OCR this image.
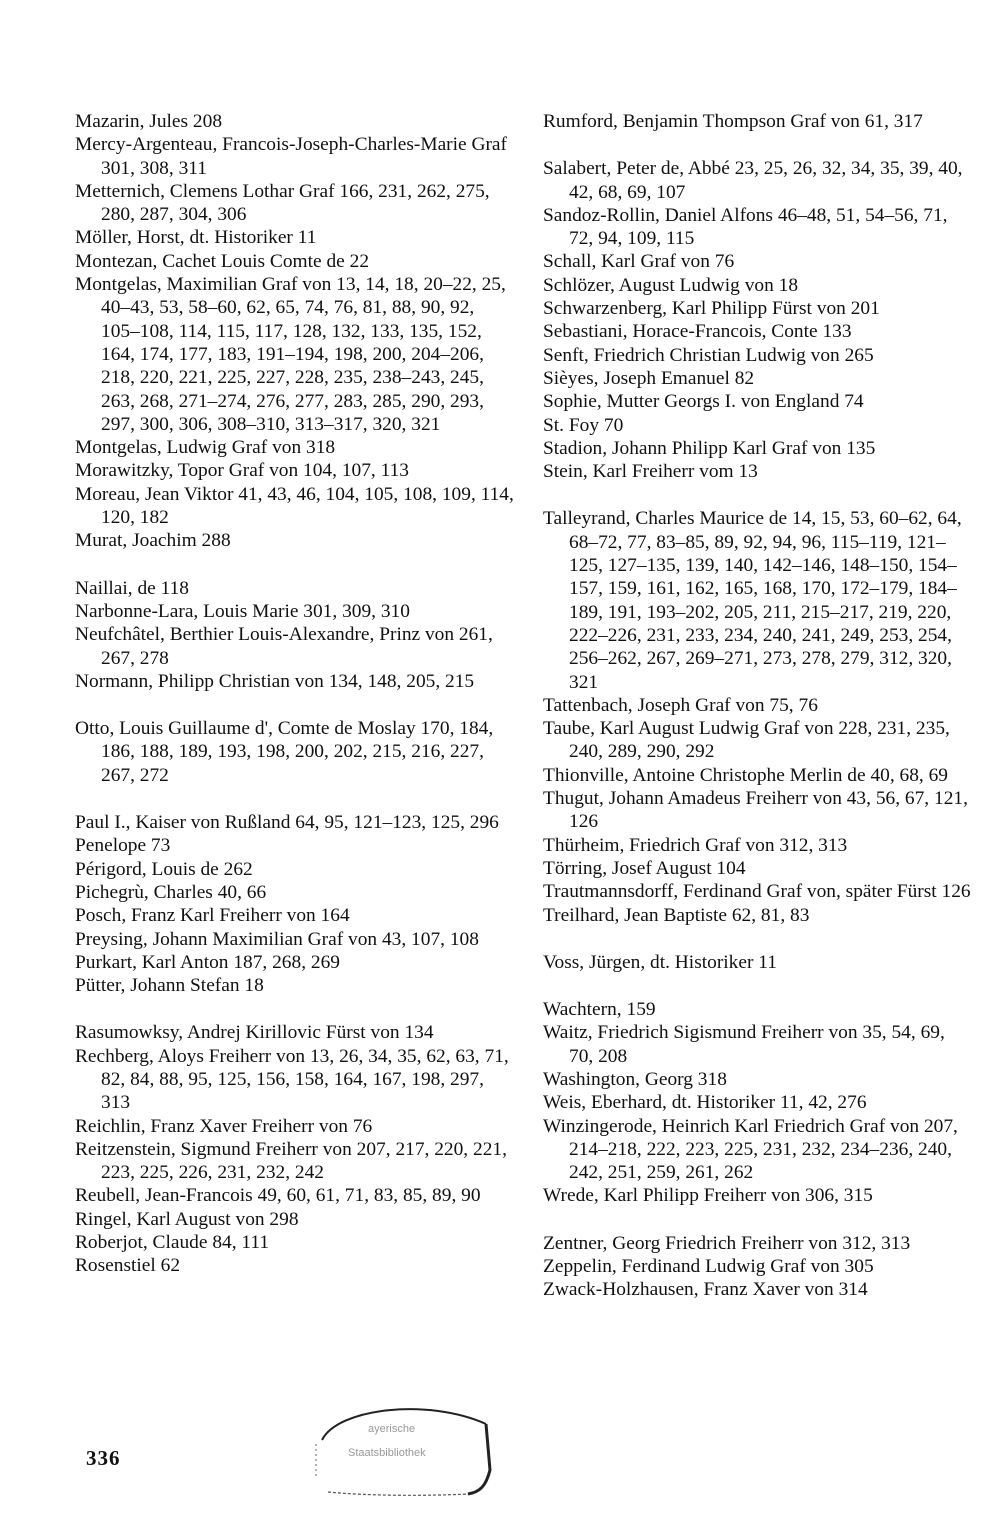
Mazarin, Jules 208
Mercy-Argenteau, Francois-Joseph-Charles-Marie Graf 301, 308, 311
Metternich, Clemens Lothar Graf 166, 231, 262, 275, 280, 287, 304, 306
Möller, Horst, dt. Historiker 11
Montezan, Cachet Louis Comte de 22
Montgelas, Maximilian Graf von 13, 14, 18, 20–22, 25, 40–43, 53, 58–60, 62, 65, 74, 76, 81, 88, 90, 92, 105–108, 114, 115, 117, 128, 132, 133, 135, 152, 164, 174, 177, 183, 191–194, 198, 200, 204–206, 218, 220, 221, 225, 227, 228, 235, 238–243, 245, 263, 268, 271–274, 276, 277, 283, 285, 290, 293, 297, 300, 306, 308–310, 313–317, 320, 321
Montgelas, Ludwig Graf von 318
Morawitzky, Topor Graf von 104, 107, 113
Moreau, Jean Viktor 41, 43, 46, 104, 105, 108, 109, 114, 120, 182
Murat, Joachim 288
Naillai, de 118
Narbonne-Lara, Louis Marie 301, 309, 310
Neufchâtel, Berthier Louis-Alexandre, Prinz von 261, 267, 278
Normann, Philipp Christian von 134, 148, 205, 215
Otto, Louis Guillaume d', Comte de Moslay 170, 184, 186, 188, 189, 193, 198, 200, 202, 215, 216, 227, 267, 272
Paul I., Kaiser von Rußland 64, 95, 121–123, 125, 296
Penelope 73
Périgord, Louis de 262
Pichegrù, Charles 40, 66
Posch, Franz Karl Freiherr von 164
Preysing, Johann Maximilian Graf von 43, 107, 108
Purkart, Karl Anton 187, 268, 269
Pütter, Johann Stefan 18
Rasumowksy, Andrej Kirillovic Fürst von 134
Rechberg, Aloys Freiherr von 13, 26, 34, 35, 62, 63, 71, 82, 84, 88, 95, 125, 156, 158, 164, 167, 198, 297, 313
Reichlin, Franz Xaver Freiherr von 76
Reitzenstein, Sigmund Freiherr von 207, 217, 220, 221, 223, 225, 226, 231, 232, 242
Reubell, Jean-Francois 49, 60, 61, 71, 83, 85, 89, 90
Ringel, Karl August von 298
Roberjot, Claude 84, 111
Rosenstiel 62
Rumford, Benjamin Thompson Graf von 61, 317
Salabert, Peter de, Abbé 23, 25, 26, 32, 34, 35, 39, 40, 42, 68, 69, 107
Sandoz-Rollin, Daniel Alfons 46–48, 51, 54–56, 71, 72, 94, 109, 115
Schall, Karl Graf von 76
Schlözer, August Ludwig von 18
Schwarzenberg, Karl Philipp Fürst von 201
Sebastiani, Horace-Francois, Conte 133
Senft, Friedrich Christian Ludwig von 265
Sièyes, Joseph Emanuel 82
Sophie, Mutter Georgs I. von England 74
St. Foy 70
Stadion, Johann Philipp Karl Graf von 135
Stein, Karl Freiherr vom 13
Talleyrand, Charles Maurice de 14, 15, 53, 60–62, 64, 68–72, 77, 83–85, 89, 92, 94, 96, 115–119, 121–125, 127–135, 139, 140, 142–146, 148–150, 154–157, 159, 161, 162, 165, 168, 170, 172–179, 184–189, 191, 193–202, 205, 211, 215–217, 219, 220, 222–226, 231, 233, 234, 240, 241, 249, 253, 254, 256–262, 267, 269–271, 273, 278, 279, 312, 320, 321
Tattenbach, Joseph Graf von 75, 76
Taube, Karl August Ludwig Graf von 228, 231, 235, 240, 289, 290, 292
Thionville, Antoine Christophe Merlin de 40, 68, 69
Thugut, Johann Amadeus Freiherr von 43, 56, 67, 121, 126
Thürheim, Friedrich Graf von 312, 313
Törring, Josef August 104
Trautmannsdorff, Ferdinand Graf von, später Fürst 126
Treilhard, Jean Baptiste 62, 81, 83
Voss, Jürgen, dt. Historiker 11
Wachtern, 159
Waitz, Friedrich Sigismund Freiherr von 35, 54, 69, 70, 208
Washington, Georg 318
Weis, Eberhard, dt. Historiker 11, 42, 276
Winzingerode, Heinrich Karl Friedrich Graf von 207, 214–218, 222, 223, 225, 231, 232, 234–236, 240, 242, 251, 259, 261, 262
Wrede, Karl Philipp Freiherr von 306, 315
Zentner, Georg Friedrich Freiherr von 312, 313
Zeppelin, Ferdinand Ludwig Graf von 305
Zwack-Holzhausen, Franz Xaver von 314
ayerische
Staatsbibliothek
336
